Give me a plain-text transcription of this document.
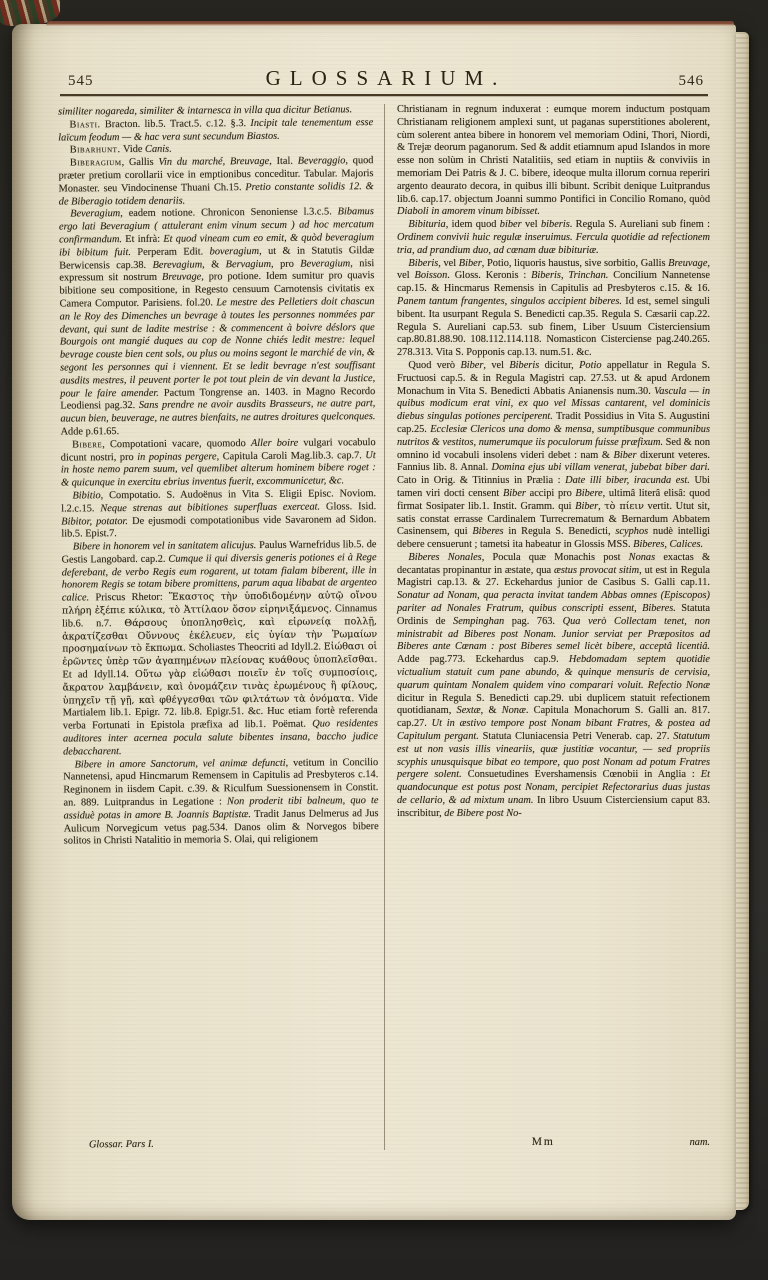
545	GLOSSARIUM.	546

similiter nogareda, similiter & intarnesca in villa qua dicitur Betianus.

Biasti. Bracton. lib.5. Tract.5. c.12. §.3. Incipit tale tenementum esse laïcum feodum — & hac vera sunt secundum Biastos.

Bibarhunt. Vide Canis.

Biberagium, Gallis Vin du marché, Breuvage, Ital. Beveraggio, quod præter pretium corollarii vice in emptionibus conceditur. Tabular. Majoris Monaster. seu Vindocinense Thuani Ch.15. Pretio constante solidis 12. & de Biberagio totidem denariis.

Beveragium, eadem notione. Chronicon Senoniense l.3.c.5. Bibamus ergo lati Beveragium ( attulerant enim vinum secum ) ad hoc mercatum confirmandum. Et infrà: Et quod vineam cum eo emit, & quòd beveragium ibi bibitum fuit. Perperam Edit. boveragium, ut & in Statutis Gildæ Berwicensis cap.38. Berevagium, & Bervagium, pro Beveragium, nisi expressum sit nostrum Breuvage, pro potione. Idem sumitur pro quavis bibitione seu compositione, in Regesto censuum Carnotensis civitatis ex Camera Computor. Parisiens. fol.20. Le mestre des Pelletiers doit chascun an le Roy des Dimenches un bevrage à toutes les personnes nommées par devant, qui sunt de ladite mestrise : & commencent à boivre déslors que Bourgois ont mangié duques au cop de Nonne chiés ledit mestre: lequel bevrage couste bien cent sols, ou plus ou moins segont le marchié de vin, & segont les personnes qui i viennent. Et se ledit bevrage n'est souffisant ausdits mestres, il peuvent porter le pot tout plein de vin devant la Justice, pour le faire amender. Pactum Tongrense an. 1403. in Magno Recordo Leodiensi pag.32. Sans prendre ne avoir ausdits Brasseurs, ne autre part, aucun bien, beuverage, ne autres bienfaits, ne autres droitures quelconques. Adde p.61.65.

Bibere, Compotationi vacare, quomodo Aller boire vulgari vocabulo dicunt nostri, pro in popinas pergere, Capitula Caroli Mag.lib.3. cap.7. Ut in hoste nemo parem suum, vel quemlibet alterum hominem bibere roget : & quicunque in exercitu ebrius inventus fuerit, excommunicetur, &c.

Bibitio, Compotatio. S. Audoënus in Vita S. Eligii Episc. Noviom. l.2.c.15. Neque strenas aut bibitiones superfluas exerceat. Gloss. Isid. Bibitor, potator. De ejusmodi compotationibus vide Savaronem ad Sidon. lib.5. Epist.7.

Bibere in honorem vel in sanitatem alicujus. Paulus Warnefridus lib.5. de Gestis Langobard. cap.2. Cumque ii qui diversis generis potiones ei à Rege deferebant, de verbo Regis eum rogarent, ut totam fialam biberent, ille in honorem Regis se totam bibere promittens, parum aqua libabat de argenteo calice. Priscus Rhetor: Ἕκαστος τὴν ὑποδιδομένην αὐτῷ οἴνου πλήρη ἐξέπιε κύλικα, τὸ Ἀττίλαον ὅσον εἰρηνιξάμενος. Cinnamus lib.6. n.7. Θάρσους ὑποπλησθεὶς, καὶ εἰρωνείᾳ πολλῇ, ἀκρατίζεσθαι Οὕννους ἐκέλευεν, εἰς ὑγίαν τὴν Ῥωμαίων προσημαίνων τὸ ἔκπωμα. Scholiastes Theocriti ad Idyll.2. Εἰώθασι οἱ ἐρῶντες ὑπὲρ τῶν ἀγαπημένων πλείονας κυάθους ὑποπλεῖσθαι. Et ad Idyll.14. Οὕτω γὰρ εἰώθασι ποιεῖν ἐν τοῖς συμποσίοις, ἄκρατον λαμβάνειν, καὶ ὀνομάζειν τινὰς ἐρωμένους ἢ φίλους, ὑπηχεῖν τῇ γῇ, καὶ φθέγγεσθαι τῶν φιλτάτων τὰ ὀνόματα. Vide Martialem lib.1. Epigr. 72. lib.8. Epigr.51. &c. Huc etiam fortè referenda verba Fortunati in Epistola præfixa ad lib.1. Poëmat. Quo residentes auditores inter acernea pocula salute bibentes insana, baccho judice debaccharent.

Bibere in amore Sanctorum, vel animæ defuncti, vetitum in Concilio Nannetensi, apud Hincmarum Remensem in Capitulis ad Presbyteros c.14. Reginonem in iisdem Capit. c.39. & Riculfum Suessionensem in Constit. an. 889. Luitprandus in Legatione : Non proderit tibi balneum, quo te assiduè potas in amore B. Joannis Baptistæ. Tradit Janus Delmerus ad Jus Aulicum Norvegicum vetus pag.534. Danos olim & Norvegos bibere solitos in Christi Natalitio in memoria S. Olai, qui religionem

Glossar. Pars I.

Christianam in regnum induxerat : eumque morem inductum postquam Christianam religionem amplexi sunt, ut paganas superstitiones abolerent, cùm solerent antea bibere in honorem vel memoriam Odini, Thori, Niordi, & Trejæ deorum paganorum. Sed & addit etiamnum apud Islandos in more esse non solùm in Christi Natalitiis, sed etiam in nuptiis & conviviis in memoriam Dei Patris & J. C. bibere, ideoque multa illorum cornua reperiri argento deaurato decora, in quibus illi bibunt. Scribit denique Luitprandus lib.6. cap.17. objectum Joanni summo Pontifici in Concilio Romano, quòd Diaboli in amorem vinum bibisset.

Bibituria, idem quod biber vel biberis. Regula S. Aureliani sub finem : Ordinem convivii huic regulæ inseruimus. Fercula quotidie ad refectionem tria, ad prandium duo, ad cœnam duæ bibituriæ.

Biberis, vel Biber, Potio, liquoris haustus, sive sorbitio, Gallis Breuvage, vel Boisson. Gloss. Keronis : Biberis, Trinchan. Concilium Nannetense cap.15. & Hincmarus Remensis in Capitulis ad Presbyteros c.15. & 16. Panem tantum frangentes, singulos accipient biberes. Id est, semel singuli bibent. Ita usurpant Regula S. Benedicti cap.35. Regula S. Cæsarii cap.22. Regula S. Aureliani cap.53. sub finem, Liber Usuum Cisterciensium cap.80.81.88.90. 108.112.114.118. Nomasticon Cisterciense pag.240.265. 278.313. Vita S. Popponis cap.13. num.51. &c.

Quod verò Biber, vel Biberis dicitur, Potio appellatur in Regula S. Fructuosi cap.5. & in Regula Magistri cap. 27.53. ut & apud Ardonem Monachum in Vita S. Benedicti Abbatis Anianensis num.30. Vascula — in quibus modicum erat vini, ex quo vel Missas cantarent, vel dominicis diebus singulas potiones perciperent. Tradit Possidius in Vita S. Augustini cap.25. Ecclesiæ Clericos una domo & mensa, sumptibusque communibus nutritos & vestitos, numerumque iis poculorum fuisse præfixum. Sed & non omnino id vocabuli insolens videri debet : nam & Biber dixerunt veteres. Fannius lib. 8. Annal. Domina ejus ubi villam venerat, jubebat biber dari. Cato in Orig. & Titinnius in Prælia : Date illi biber, iracunda est. Ubi tamen viri docti censent Biber accipi pro Bibere, ultimâ literâ elisâ: quod firmat Sosipater lib.1. Instit. Gramm. qui Biber, τὸ πίειν vertit. Utut sit, satis constat errasse Cardinalem Turrecrematum & Bernardum Abbatem Casinensem, qui Biberes in Regula S. Benedicti, scyphos nudè intelligi debere censuerunt ; tametsi ita habeatur in Glossis MSS. Biberes, Calices.

Biberes Nonales, Pocula quæ Monachis post Nonas exactas & decantatas propinantur in æstate, qua æstus provocat sitim, ut est in Regula Magistri cap.13. & 27. Eckehardus junior de Casibus S. Galli cap.11. Sonatur ad Nonam, qua peracta invitat tandem Abbas omnes (Episcopos) pariter ad Nonales Fratrum, quibus conscripti essent, Biberes. Statuta Ordinis de Sempinghan pag. 763. Qua verò Collectam tenet, non ministrabit ad Biberes post Nonam. Junior serviat per Præpositos ad Biberes ante Cœnam : post Biberes semel licèt bibere, acceptâ licentiâ. Adde pag.773. Eckehardus cap.9. Hebdomadam septem quotidie victualium statuit cum pane abundo, & quinque mensuris de cervisia, quarum quintam Nonalem quidem vino comparari voluit. Refectio Nonæ dicitur in Regula S. Benedicti cap.29. ubi duplicem statuit refectionem quotidianam, Sextæ, & Nonæ. Capitula Monachorum S. Galli an. 817. cap.27. Ut in æstivo tempore post Nonam bibant Fratres, & postea ad Capitulum pergant. Statuta Cluniacensia Petri Venerab. cap. 27. Statutum est ut non vasis illis vineariis, quæ justitiæ vocantur, — sed propriis scyphis unusquisque bibat eo tempore, quo post Nonam ad potum Fratres pergere solent. Consuetudines Evershamensis Cœnobii in Anglia : Et quandocunque est potus post Nonam, percipiet Refectorarius duas justas de cellario, & ad mixtum unam. In libro Usuum Cisterciensium caput 83. inscribitur, de Bibere post No-

Mm	nam.
